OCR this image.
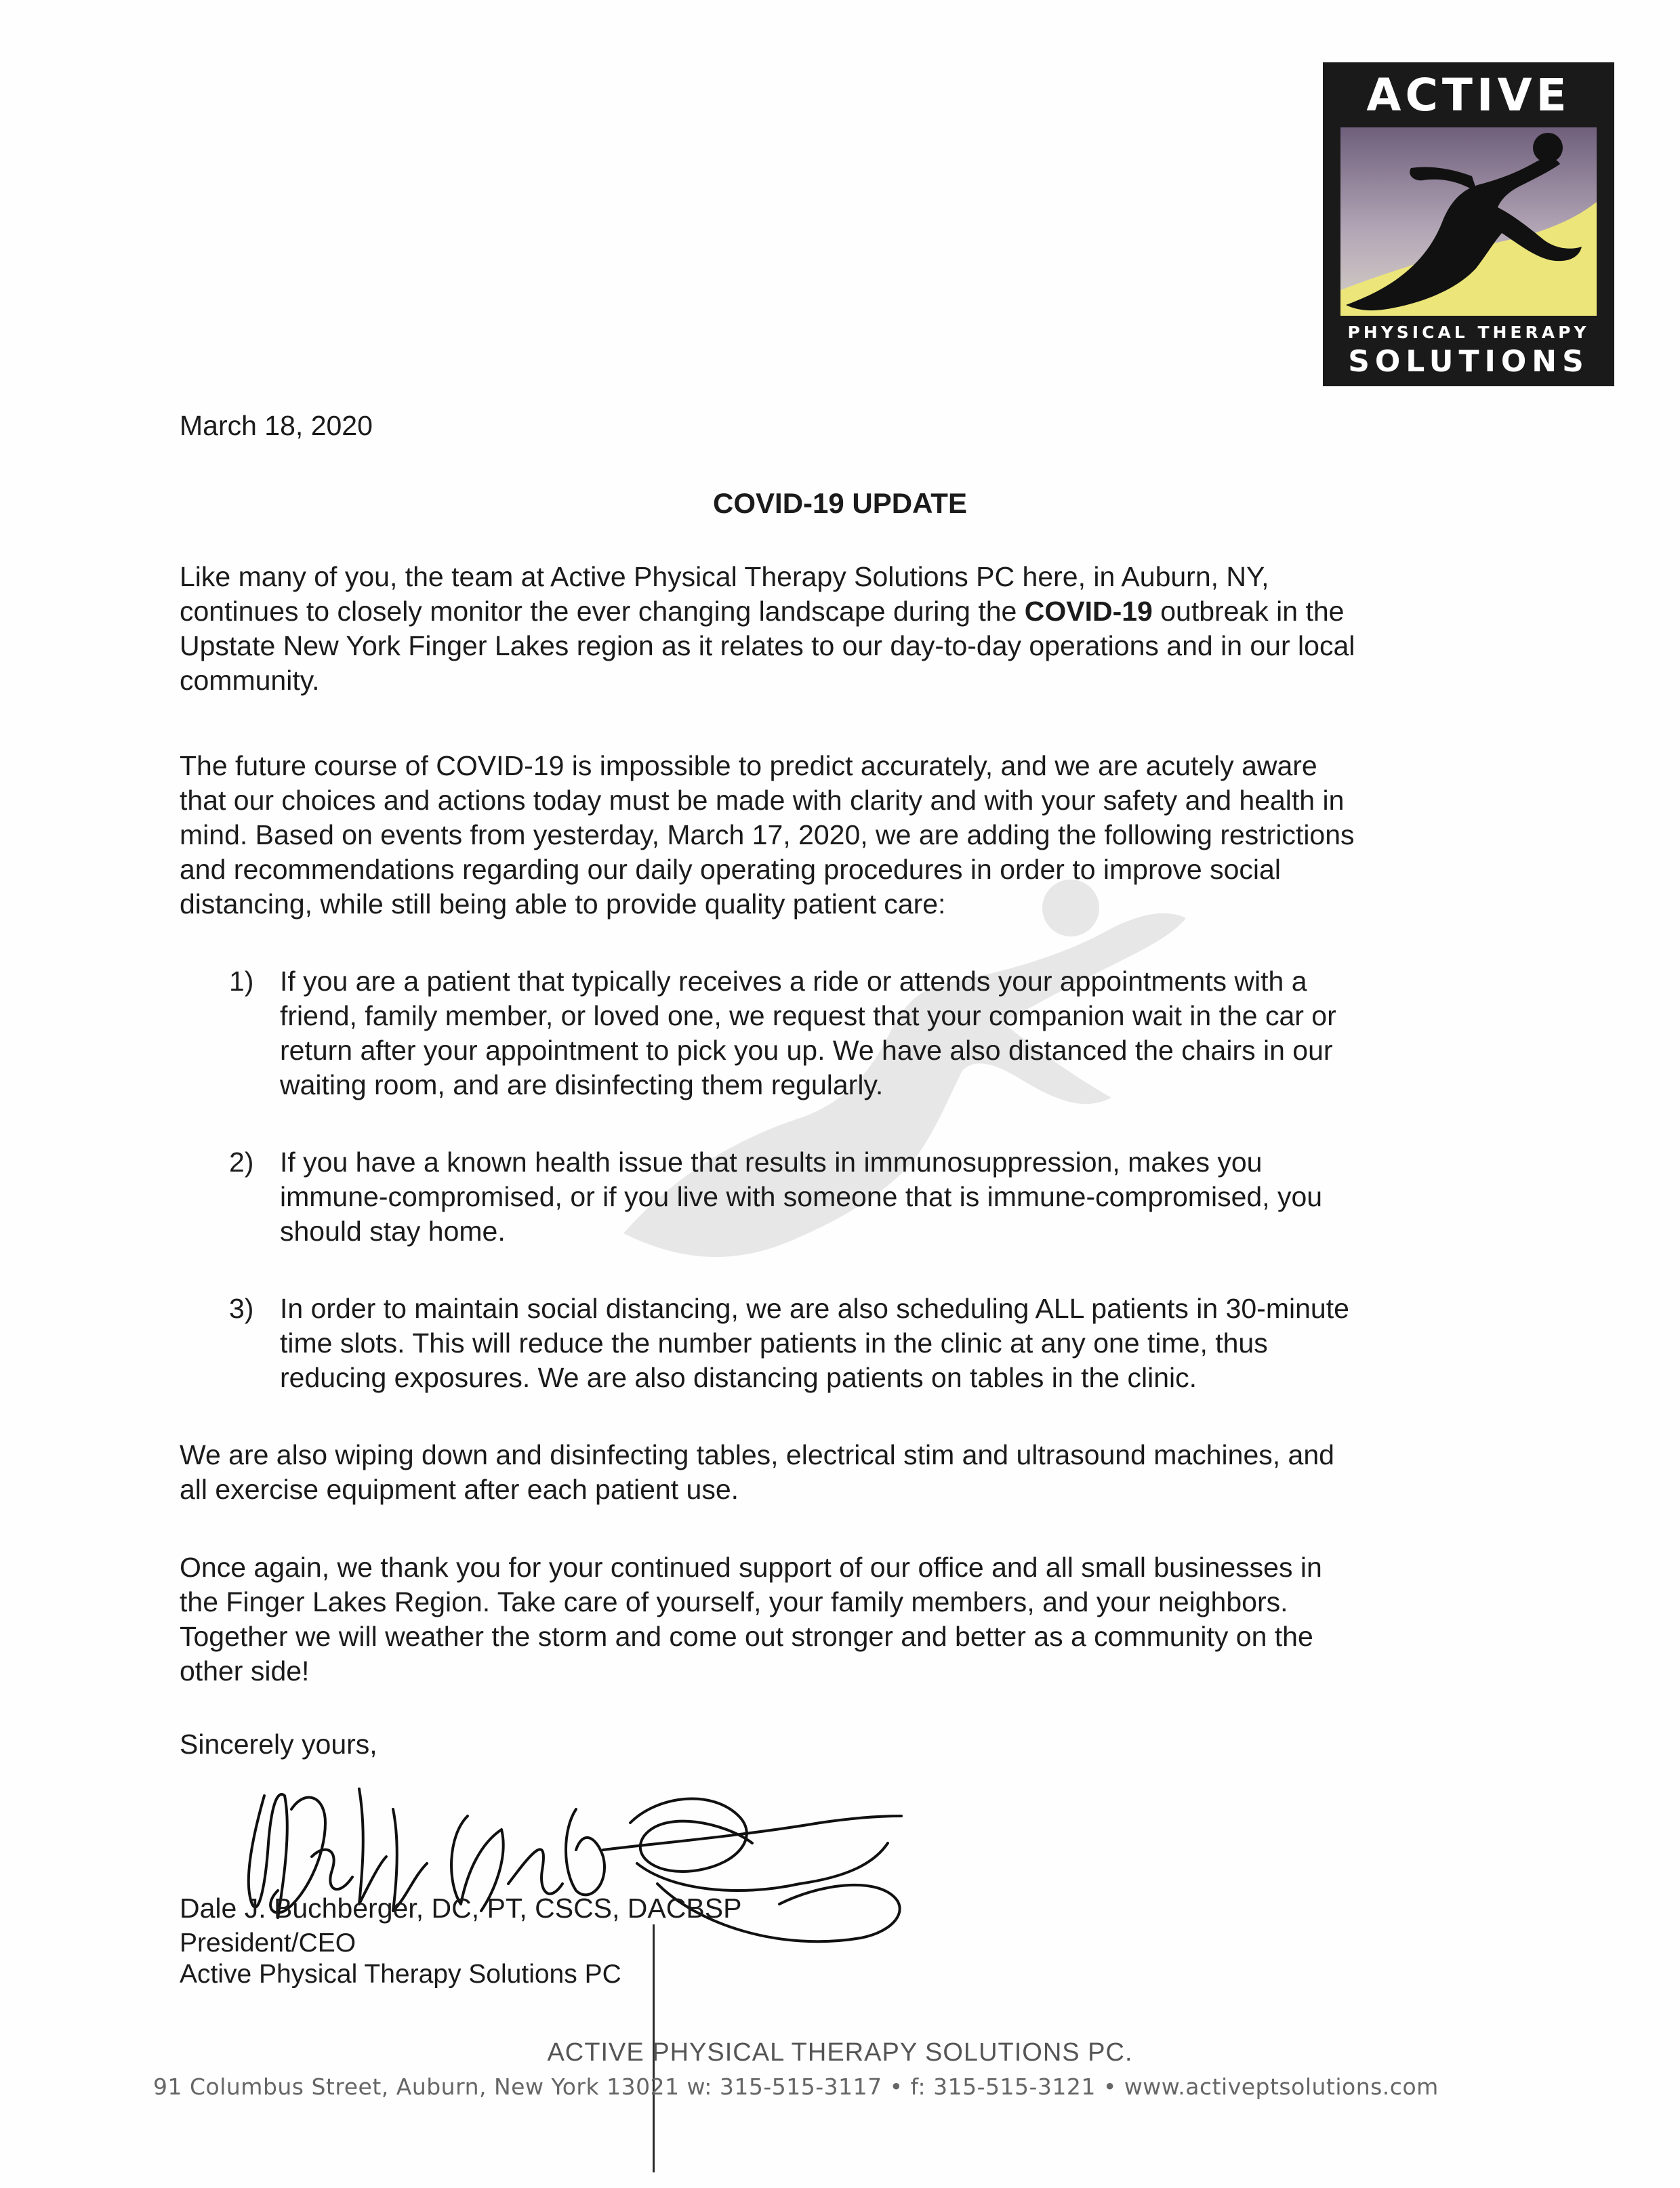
ACTIVE
PHYSICAL THERAPY
SOLUTIONS
March 18, 2020
COVID-19 UPDATE
Like many of you, the team at Active Physical Therapy Solutions PC here, in Auburn, NY,
continues to closely monitor the ever changing landscape during the COVID-19 outbreak in the
Upstate New York Finger Lakes region as it relates to our day-to-day operations and in our local
community.
The future course of COVID-19 is impossible to predict accurately, and we are acutely aware
that our choices and actions today must be made with clarity and with your safety and health in
mind. Based on events from yesterday, March 17, 2020, we are adding the following restrictions
and recommendations regarding our daily operating procedures in order to improve social
distancing, while still being able to provide quality patient care:
1) If you are a patient that typically receives a ride or attends your appointments with a
friend, family member, or loved one, we request that your companion wait in the car or
return after your appointment to pick you up. We have also distanced the chairs in our
waiting room, and are disinfecting them regularly.
2) If you have a known health issue that results in immunosuppression, makes you
immune-compromised, or if you live with someone that is immune-compromised, you
should stay home.
3) In order to maintain social distancing, we are also scheduling ALL patients in 30-minute
time slots. This will reduce the number patients in the clinic at any one time, thus
reducing exposures. We are also distancing patients on tables in the clinic.
We are also wiping down and disinfecting tables, electrical stim and ultrasound machines, and
all exercise equipment after each patient use.
Once again, we thank you for your continued support of our office and all small businesses in
the Finger Lakes Region. Take care of yourself, your family members, and your neighbors.
Together we will weather the storm and come out stronger and better as a community on the
other side!
Sincerely yours,
Dale J. Buchberger, DC, PT, CSCS, DACBSP
President/CEO
Active Physical Therapy Solutions PC
ACTIVE PHYSICAL THERAPY SOLUTIONS PC.
91 Columbus Street, Auburn, New York 13021 w: 315-515-3117 • f: 315-515-3121 • www.activeptsolutions.com
